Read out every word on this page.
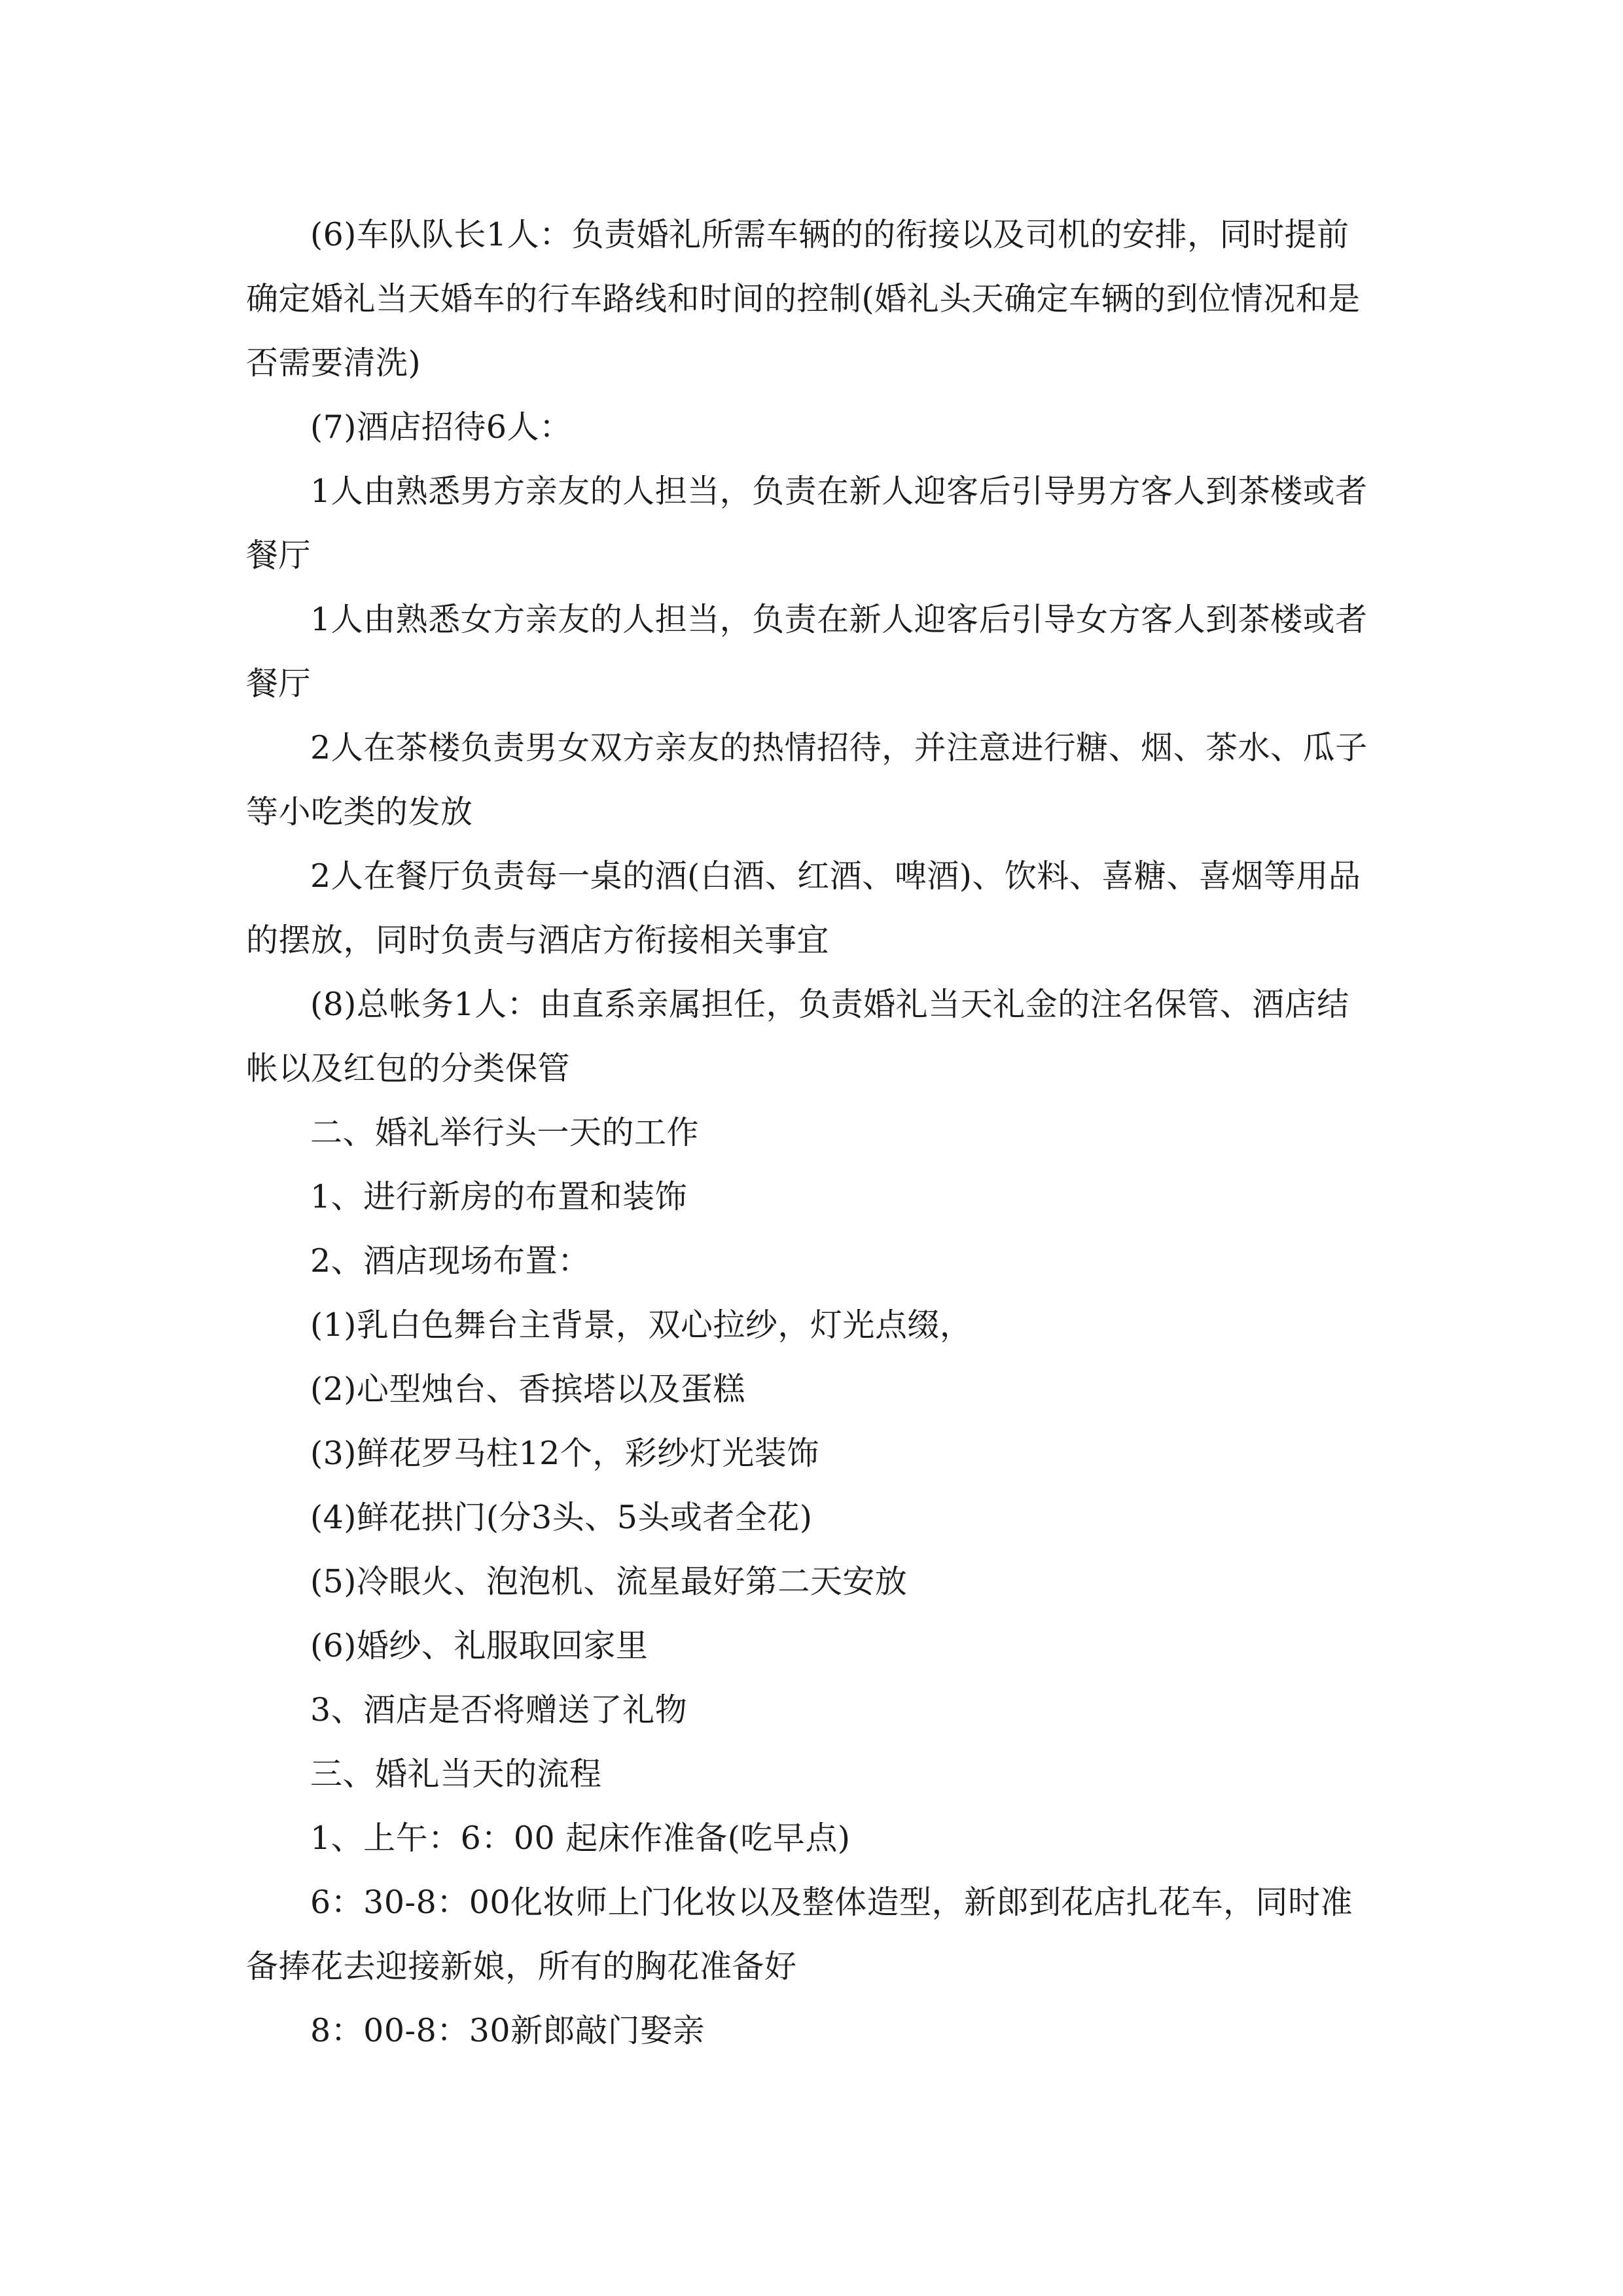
(6)车队队长1人：负责婚礼所需车辆的的衔接以及司机的安排，同时提前确定婚礼当天婚车的行车路线和时间的控制(婚礼头天确定车辆的到位情况和是否需要清洗)

(7)酒店招待6人：

1人由熟悉男方亲友的人担当，负责在新人迎客后引导男方客人到茶楼或者餐厅

1人由熟悉女方亲友的人担当，负责在新人迎客后引导女方客人到茶楼或者餐厅

2人在茶楼负责男女双方亲友的热情招待，并注意进行糖、烟、茶水、瓜子等小吃类的发放

2人在餐厅负责每一桌的酒(白酒、红酒、啤酒)、饮料、喜糖、喜烟等用品的摆放，同时负责与酒店方衔接相关事宜

(8)总帐务1人：由直系亲属担任，负责婚礼当天礼金的注名保管、酒店结帐以及红包的分类保管

二、婚礼举行头一天的工作

1、进行新房的布置和装饰

2、酒店现场布置：

(1)乳白色舞台主背景，双心拉纱，灯光点缀，

(2)心型烛台、香摈塔以及蛋糕

(3)鲜花罗马柱12个，彩纱灯光装饰

(4)鲜花拱门(分3头、5头或者全花)

(5)冷眼火、泡泡机、流星最好第二天安放

(6)婚纱、礼服取回家里

3、酒店是否将赠送了礼物

三、婚礼当天的流程

1、上午：6：00 起床作准备(吃早点)

6：30-8：00化妆师上门化妆以及整体造型，新郎到花店扎花车，同时准备捧花去迎接新娘，所有的胸花准备好

8：00-8：30新郎敲门娶亲
